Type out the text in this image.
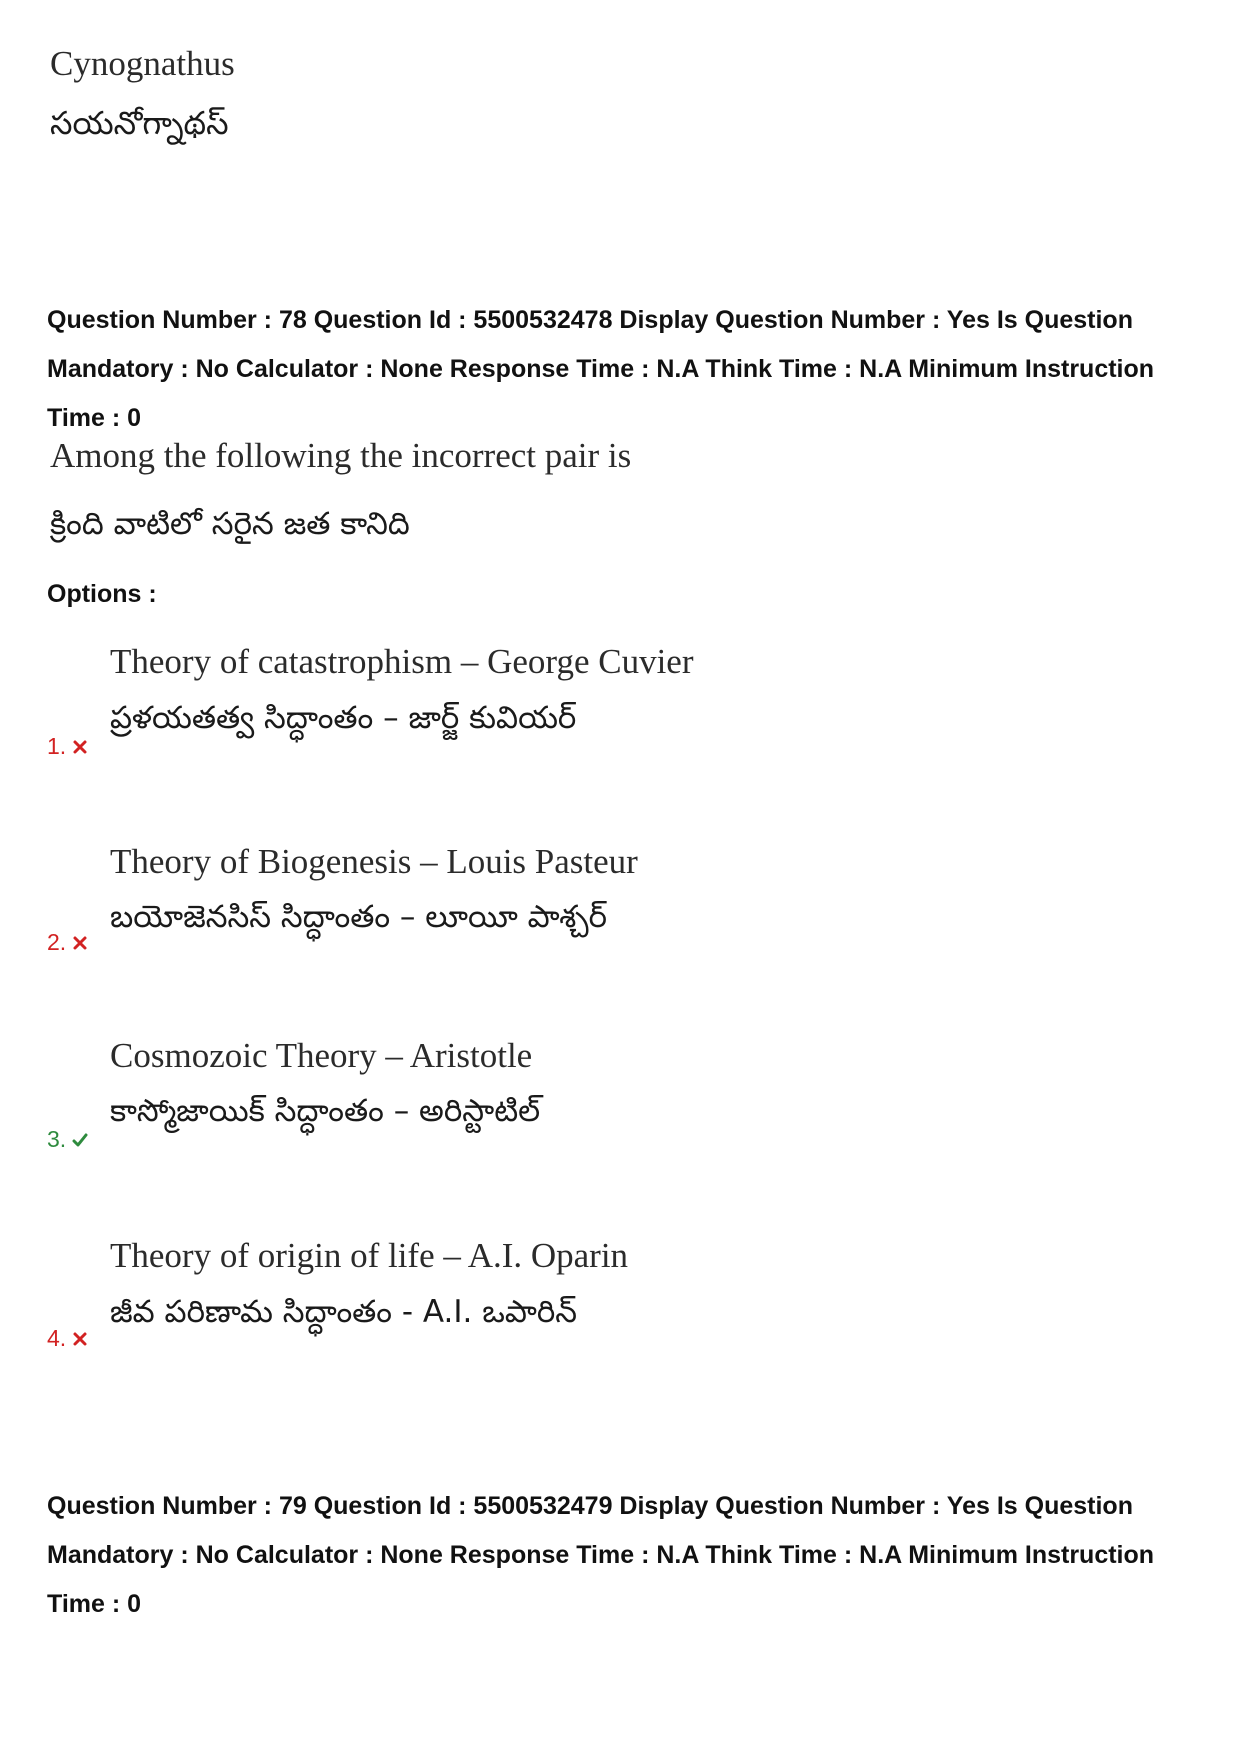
Cynognathus
సయనోగ్నాథస్
Question Number : 78 Question Id : 5500532478 Display Question Number : Yes Is Question Mandatory : No Calculator : None Response Time : N.A Think Time : N.A Minimum Instruction Time : 0
Among the following the incorrect pair is
క్రింది వాటిలో సరైన జత కానిది
Options :
Theory of catastrophism – George Cuvier
ప్రళయతత్వ సిద్ధాంతం – జార్జ్ కువియర్
1.
Theory of Biogenesis – Louis Pasteur
బయోజెనసిస్ సిద్ధాంతం – లూయీ పాశ్చర్
2.
Cosmozoic Theory – Aristotle
కాస్మోజాయిక్ సిద్ధాంతం – అరిస్టాటిల్
3.
Theory of origin of life – A.I. Oparin
జీవ పరిణామ సిద్ధాంతం - A.I. ఒపారిన్
4.
Question Number : 79 Question Id : 5500532479 Display Question Number : Yes Is Question Mandatory : No Calculator : None Response Time : N.A Think Time : N.A Minimum Instruction Time : 0
